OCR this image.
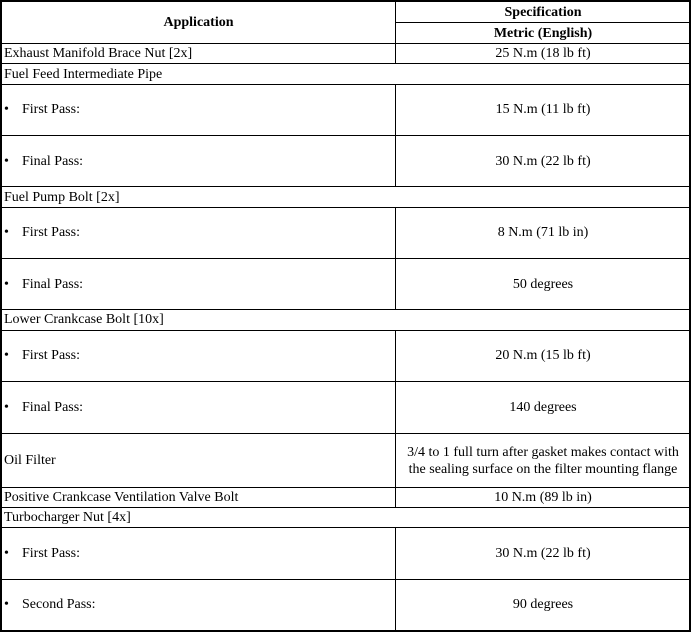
Application	Specification
	Metric (English)
Exhaust Manifold Brace Nut [2x]	25 N.m (18 lb ft)
Fuel Feed Intermediate Pipe	
• First Pass:	15 N.m (11 lb ft)
• Final Pass:	30 N.m (22 lb ft)
Fuel Pump Bolt [2x]	
• First Pass:	8 N.m (71 lb in)
• Final Pass:	50 degrees
Lower Crankcase Bolt [10x]	
• First Pass:	20 N.m (15 lb ft)
• Final Pass:	140 degrees
Oil Filter	3/4 to 1 full turn after gasket makes contact with the sealing surface on the filter mounting flange
Positive Crankcase Ventilation Valve Bolt	10 N.m (89 lb in)
Turbocharger Nut [4x]	
• First Pass:	30 N.m (22 lb ft)
• Second Pass:	90 degrees
